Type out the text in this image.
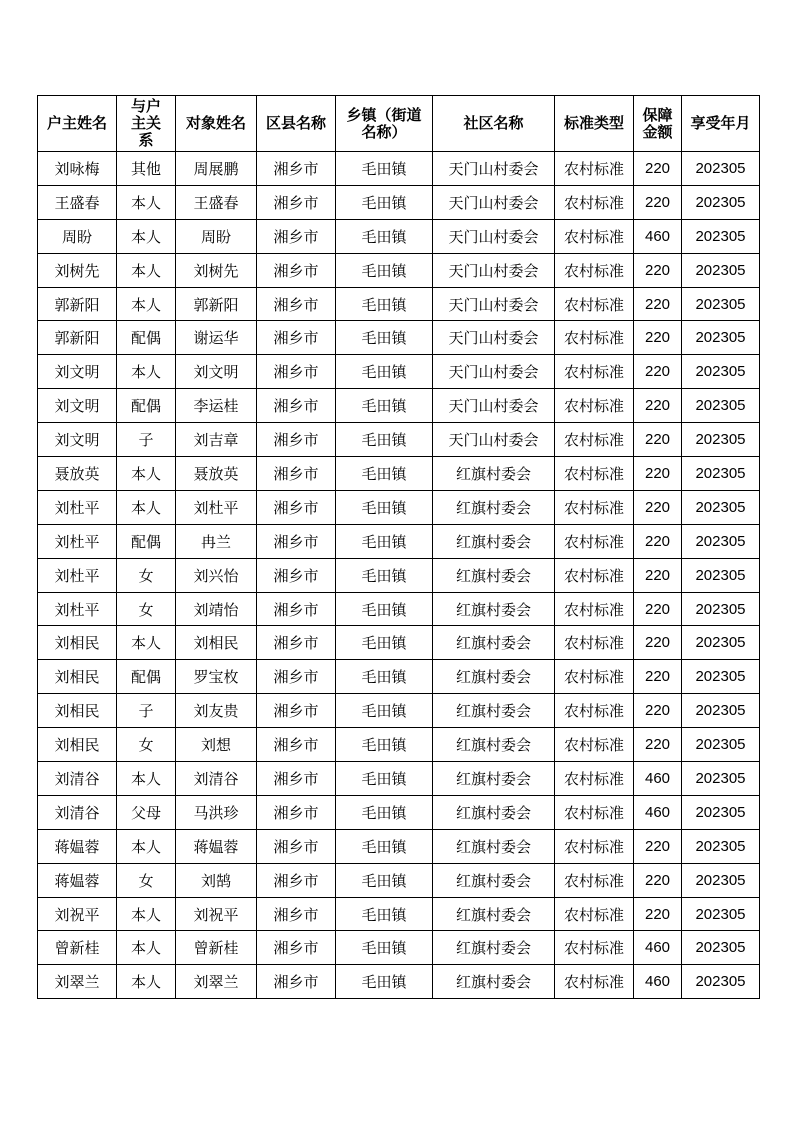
户主姓名	与户主关系	对象姓名	区县名称	乡镇（街道名称）	社区名称	标准类型	保障金额	享受年月
刘咏梅	其他	周展鹏	湘乡市	毛田镇	天门山村委会	农村标准	220	202305
王盛春	本人	王盛春	湘乡市	毛田镇	天门山村委会	农村标准	220	202305
周盼	本人	周盼	湘乡市	毛田镇	天门山村委会	农村标准	460	202305
刘树先	本人	刘树先	湘乡市	毛田镇	天门山村委会	农村标准	220	202305
郭新阳	本人	郭新阳	湘乡市	毛田镇	天门山村委会	农村标准	220	202305
郭新阳	配偶	谢运华	湘乡市	毛田镇	天门山村委会	农村标准	220	202305
刘文明	本人	刘文明	湘乡市	毛田镇	天门山村委会	农村标准	220	202305
刘文明	配偶	李运桂	湘乡市	毛田镇	天门山村委会	农村标准	220	202305
刘文明	子	刘吉章	湘乡市	毛田镇	天门山村委会	农村标准	220	202305
聂放英	本人	聂放英	湘乡市	毛田镇	红旗村委会	农村标准	220	202305
刘杜平	本人	刘杜平	湘乡市	毛田镇	红旗村委会	农村标准	220	202305
刘杜平	配偶	冉兰	湘乡市	毛田镇	红旗村委会	农村标准	220	202305
刘杜平	女	刘兴怡	湘乡市	毛田镇	红旗村委会	农村标准	220	202305
刘杜平	女	刘靖怡	湘乡市	毛田镇	红旗村委会	农村标准	220	202305
刘相民	本人	刘相民	湘乡市	毛田镇	红旗村委会	农村标准	220	202305
刘相民	配偶	罗宝枚	湘乡市	毛田镇	红旗村委会	农村标准	220	202305
刘相民	子	刘友贵	湘乡市	毛田镇	红旗村委会	农村标准	220	202305
刘相民	女	刘想	湘乡市	毛田镇	红旗村委会	农村标准	220	202305
刘清谷	本人	刘清谷	湘乡市	毛田镇	红旗村委会	农村标准	460	202305
刘清谷	父母	马洪珍	湘乡市	毛田镇	红旗村委会	农村标准	460	202305
蒋媪蓉	本人	蒋媪蓉	湘乡市	毛田镇	红旗村委会	农村标准	220	202305
蒋媪蓉	女	刘鹄	湘乡市	毛田镇	红旗村委会	农村标准	220	202305
刘祝平	本人	刘祝平	湘乡市	毛田镇	红旗村委会	农村标准	220	202305
曾新桂	本人	曾新桂	湘乡市	毛田镇	红旗村委会	农村标准	460	202305
刘翠兰	本人	刘翠兰	湘乡市	毛田镇	红旗村委会	农村标准	460	202305
